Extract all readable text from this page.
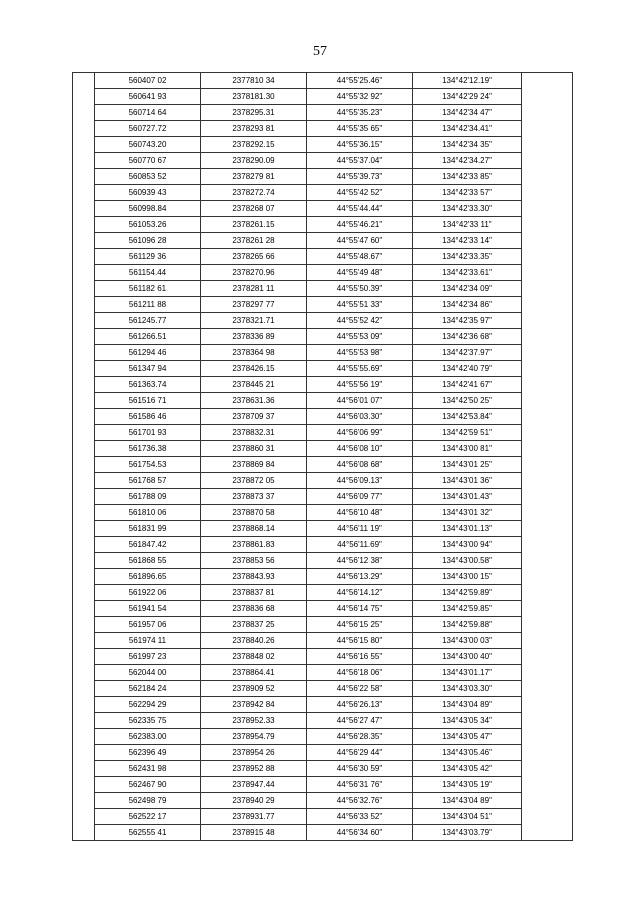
57
	560407 02	2377810 34	44°55'25.46"	134°42'12.19"	
	560641 93	2378181.30	44°55'32 92"	134°42'29 24"	
	560714 64	2378295.31	44°55'35.23"	134°42'34 47"	
	560727.72	2378293 81	44°55'35 65"	134°42'34.41"	
	560743.20	2378292.15	44°55'36.15"	134°42'34 35"	
	560770 67	2378290.09	44°55'37.04"	134°42'34.27"	
	560853 52	2378279 81	44°55'39.73"	134°42'33 85"	
	560939 43	2378272.74	44°55'42 52"	134°42'33 57"	
	560998.84	2378268 07	44°55'44.44"	134°42'33.30"	
	561053.26	2378261.15	44°55'46.21"	134°42'33 11"	
	561096 28	2378261 28	44°55'47 60"	134°42'33 14"	
	561129 36	2378265 66	44°55'48.67"	134°42'33.35"	
	561154.44	2378270.96	44°55'49 48"	134°42'33.61"	
	561182 61	2378281 11	44°55'50.39"	134°42'34 09"	
	561211 88	2378297 77	44°55'51 33"	134°42'34 86"	
	561245.77	2378321.71	44°55'52 42"	134°42'35 97"	
	561266.51	2378336 89	44°55'53 09"	134°42'36 68"	
	561294 46	2378364 98	44°55'53 98"	134°42'37.97"	
	561347 94	2378426.15	44°55'55.69"	134°42'40 79"	
	561363.74	2378445 21	44°55'56 19"	134°42'41 67"	
	561516 71	2378631.36	44°56'01 07"	134°42'50 25"	
	561586 46	2378709 37	44°56'03.30"	134°42'53.84"	
	561701 93	2378832.31	44°56'06 99"	134°42'59 51"	
	561736.38	2378860 31	44°56'08 10"	134°43'00 81"	
	561754.53	2378869 84	44°56'08 68"	134°43'01 25"	
	561768 57	2378872 05	44°56'09.13"	134°43'01 36"	
	561788 09	2378873 37	44°56'09 77"	134°43'01.43"	
	561810 06	2378870 58	44°56'10 48"	134°43'01 32"	
	561831 99	2378868.14	44°56'11 19"	134°43'01.13"	
	561847.42	2378861.83	44°56'11.69"	134°43'00 94"	
	561868 55	2378853 56	44°56'12 38"	134°43'00.58"	
	561896.65	2378843.93	44°56'13.29"	134°43'00 15"	
	561922 06	2378837 81	44°56'14.12"	134°42'59.89"	
	561941 54	2378836 68	44°56'14 75"	134°42'59.85"	
	561957 06	2378837 25	44°56'15 25"	134°42'59.88"	
	561974 11	2378840.26	44°56'15 80"	134°43'00 03"	
	561997 23	2378848 02	44°56'16 55"	134°43'00 40"	
	562044 00	2378864.41	44°56'18 06"	134°43'01.17"	
	562184 24	2378909 52	44°56'22 58"	134°43'03.30"	
	562294 29	2378942 84	44°56'26.13"	134°43'04 89"	
	562335 75	2378952.33	44°56'27 47"	134°43'05 34"	
	562383.00	2378954.79	44°56'28.35"	134°43'05 47"	
	562396 49	2378954 26	44°56'29 44"	134°43'05.46"	
	562431 98	2378952 88	44°56'30 59"	134°43'05 42"	
	562467 90	2378947.44	44°56'31 76"	134°43'05 19"	
	562498 79	2378940 29	44°56'32.76"	134°43'04 89"	
	562522 17	2378931.77	44°56'33 52"	134°43'04 51"	
	562555 41	2378915 48	44°56'34 60"	134°43'03.79"	
